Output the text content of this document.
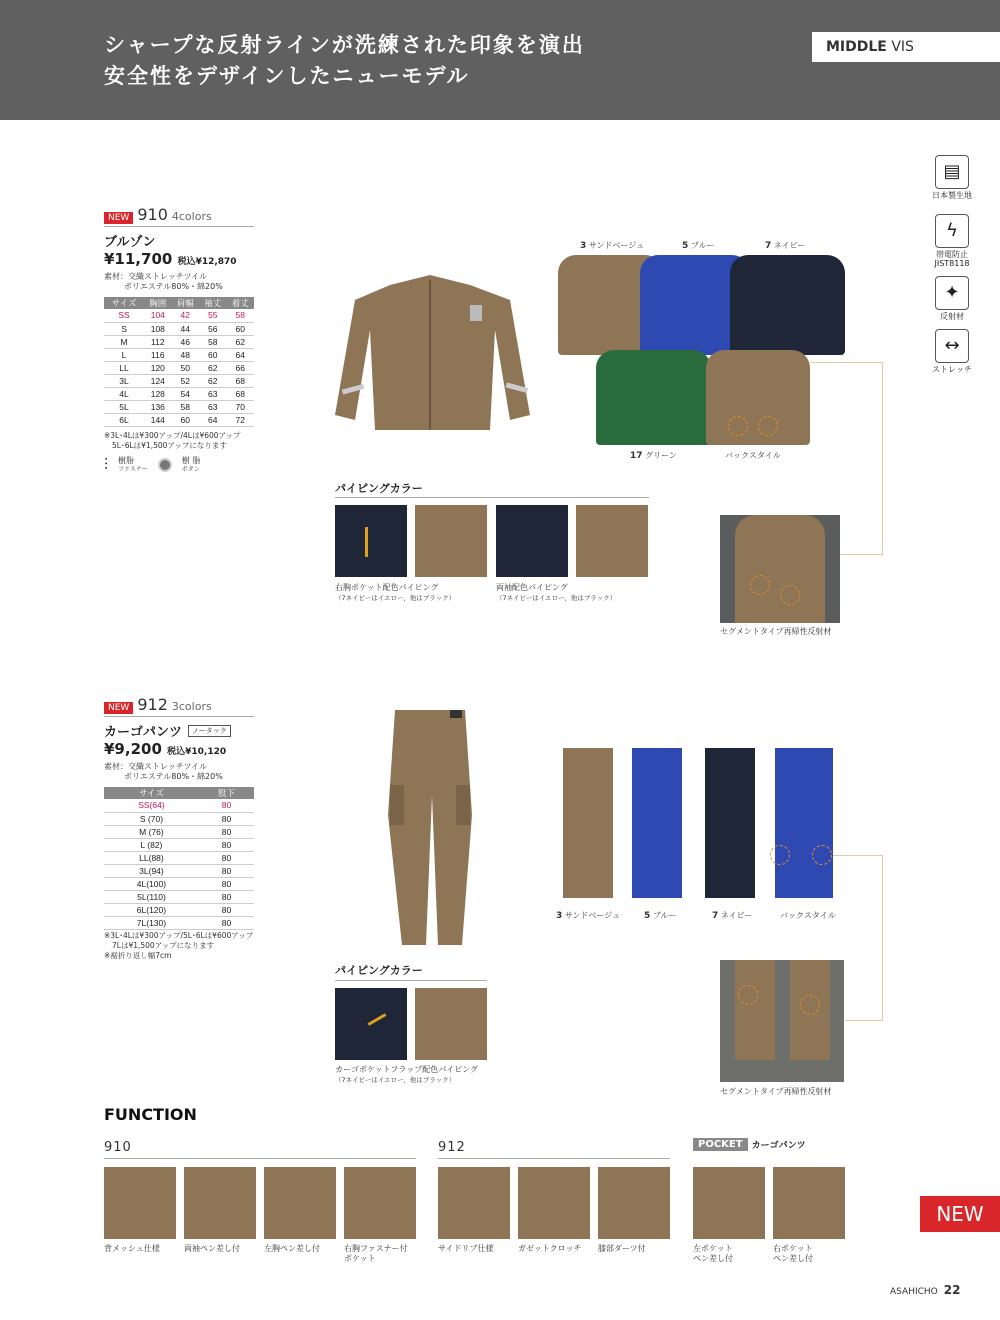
シャープな反射ラインが洗練された印象を演出
安全性をデザインしたニューモデル
MIDDLE VIS
▤
日本製生地
ϟ
帯電防止
JIST8118
✦
反射材
↔
ストレッチ
NEW 910 4colors
ブルゾン
¥11,700 税込¥12,870
素材：交織ストレッチツイル
ポリエステル80%・綿20%
サイズ	胸囲	肩幅	袖丈	着丈
SS	104	42	55	58
S	108	44	56	60
M	112	46	58	62
L	116	48	60	64
LL	120	50	62	66
3L	124	52	62	68
4L	128	54	63	68
5L	136	58	63	70
6L	144	60	64	72
※3L･4Lは¥300アップ/4Lは¥600アップ
5L･6Lは¥1,500アップになります
⫶ 樹脂
ファスナー
樹 脂
ボタン
3 サンドベージュ	5 ブルー	7 ネイビー
17 グリーン	バックスタイル
パイピングカラー
右胸ポケット配色パイピング
（7ネイビーはイエロー、他はブラック）
両袖配色パイピング
（7ネイビーはイエロー、他はブラック）
セグメントタイプ再帰性反射材
NEW 912 3colors
カーゴパンツ	ノータック
¥9,200 税込¥10,120
素材：交織ストレッチツイル
ポリエステル80%・綿20%
サイズ	股下
SS(64)	80
S (70)	80
M (76)	80
L (82)	80
LL(88)	80
3L(94)	80
4L(100)	80
5L(110)	80
6L(120)	80
7L(130)	80
※3L･4Lは¥300アップ/5L･6Lは¥600アップ
7Lは¥1,500アップになります
※裾折り返し幅7cm
3 サンドベージュ	5 ブルー	7 ネイビー	バックスタイル
パイピングカラー
カーゴポケットフラップ配色パイピング
（7ネイビーはイエロー、他はブラック）
セグメントタイプ再帰性反射材
FUNCTION
910
背メッシュ仕様	両袖ペン差し付	左胸ペン差し付	右胸ファスナー付
ポケット
912
サイドリブ仕様	ガゼットクロッチ	膝部ダーツ付
POCKET	カーゴパンツ
左ポケット
ペン差し付
右ポケット
ペン差し付
NEW
ASAHICHO 22
